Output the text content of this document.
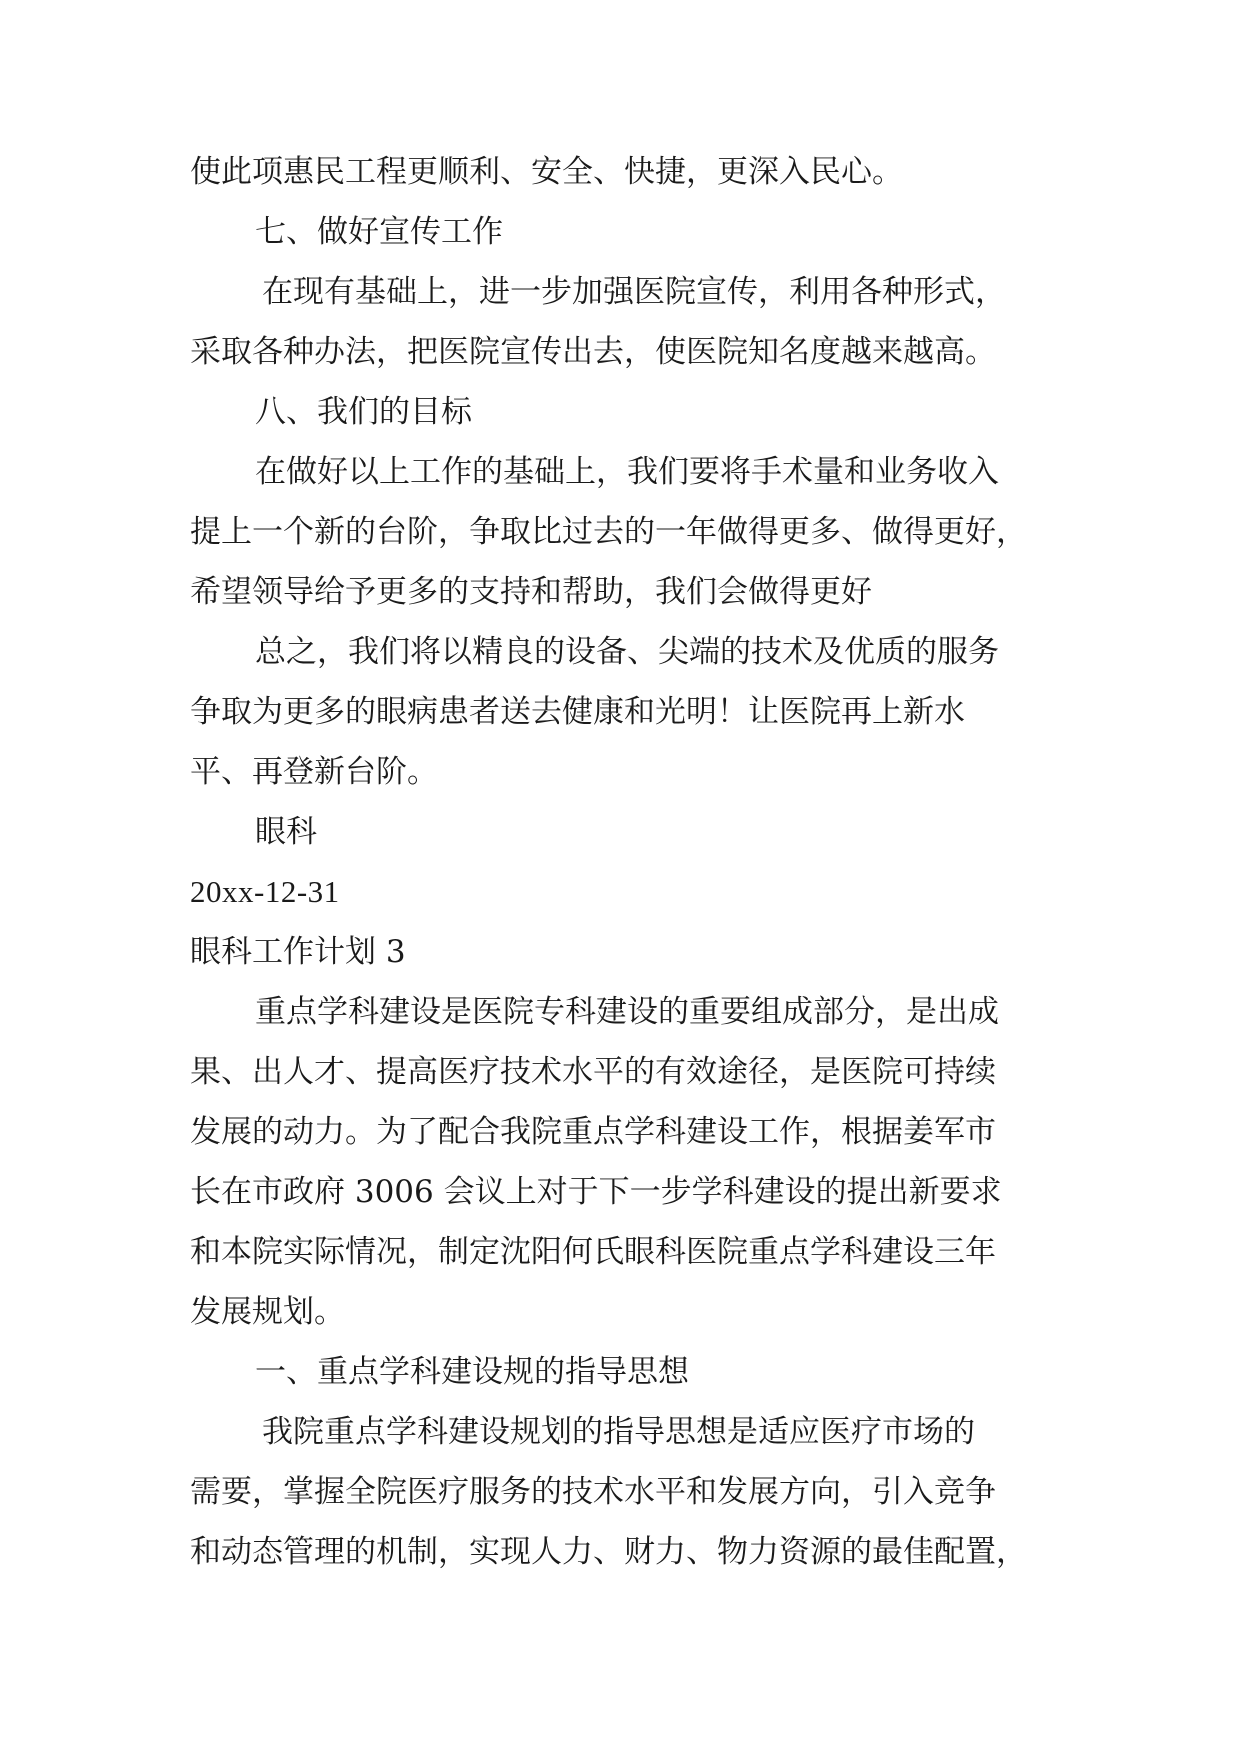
使此项惠民工程更顺利、安全、快捷，更深入民心。
七、做好宣传工作
在现有基础上，进一步加强医院宣传，利用各种形式，
采取各种办法，把医院宣传出去，使医院知名度越来越高。
八、我们的目标
在做好以上工作的基础上，我们要将手术量和业务收入
提上一个新的台阶，争取比过去的一年做得更多、做得更好，
希望领导给予更多的支持和帮助，我们会做得更好
总之，我们将以精良的设备、尖端的技术及优质的服务
争取为更多的眼病患者送去健康和光明！让医院再上新水
平、再登新台阶。
眼科
20xx-12-31
眼科工作计划 3
重点学科建设是医院专科建设的重要组成部分，是出成
果、出人才、提高医疗技术水平的有效途径，是医院可持续
发展的动力。为了配合我院重点学科建设工作，根据姜军市
长在市政府 3006 会议上对于下一步学科建设的提出新要求
和本院实际情况，制定沈阳何氏眼科医院重点学科建设三年
发展规划。
一、重点学科建设规的指导思想
我院重点学科建设规划的指导思想是适应医疗市场的
需要，掌握全院医疗服务的技术水平和发展方向，引入竞争
和动态管理的机制，实现人力、财力、物力资源的最佳配置，
